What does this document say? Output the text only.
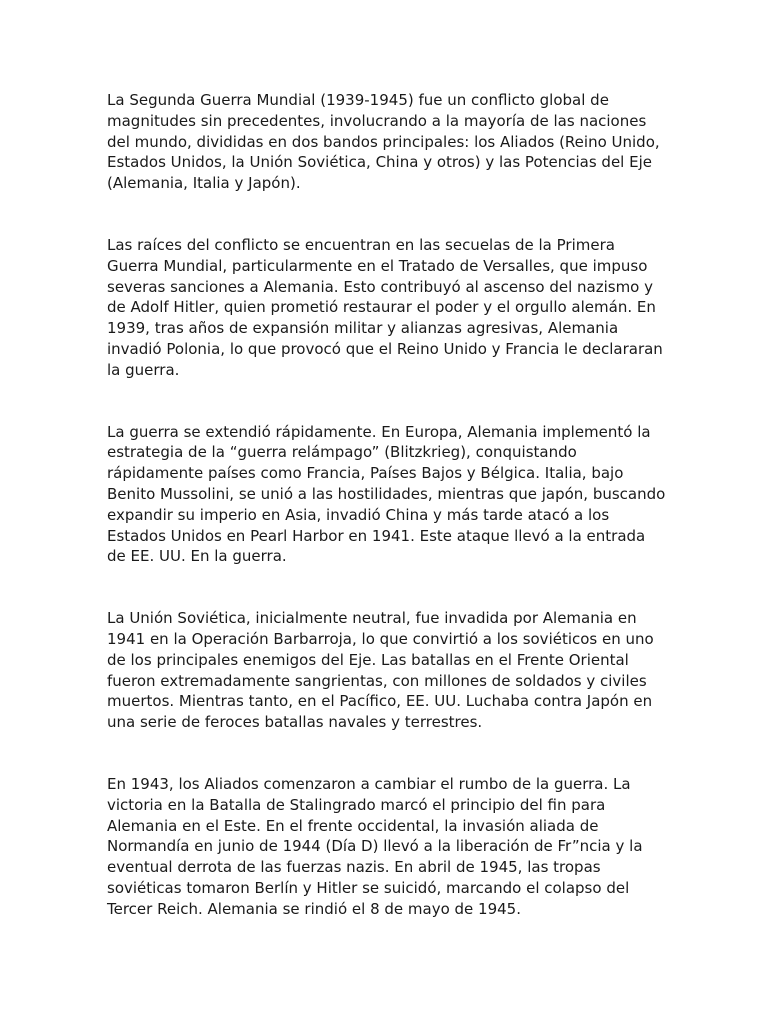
La Segunda Guerra Mundial (1939-1945) fue un conflicto global de magnitudes sin precedentes, involucrando a la mayoría de las naciones del mundo, divididas en dos bandos principales: los Aliados (Reino Unido, Estados Unidos, la Unión Soviética, China y otros) y las Potencias del Eje (Alemania, Italia y Japón).

Las raíces del conflicto se encuentran en las secuelas de la Primera Guerra Mundial, particularmente en el Tratado de Versalles, que impuso severas sanciones a Alemania. Esto contribuyó al ascenso del nazismo y de Adolf Hitler, quien prometió restaurar el poder y el orgullo alemán. En 1939, tras años de expansión militar y alianzas agresivas, Alemania invadió Polonia, lo que provocó que el Reino Unido y Francia le declararan la guerra.

La guerra se extendió rápidamente. En Europa, Alemania implementó la estrategia de la “guerra relámpago” (Blitzkrieg), conquistando rápidamente países como Francia, Países Bajos y Bélgica. Italia, bajo Benito Mussolini, se unió a las hostilidades, mientras que japón, buscando expandir su imperio en Asia, invadió China y más tarde atacó a los Estados Unidos en Pearl Harbor en 1941. Este ataque llevó a la entrada de EE. UU. En la guerra.

La Unión Soviética, inicialmente neutral, fue invadida por Alemania en 1941 en la Operación Barbarroja, lo que convirtió a los soviéticos en uno de los principales enemigos del Eje. Las batallas en el Frente Oriental fueron extremadamente sangrientas, con millones de soldados y civiles muertos. Mientras tanto, en el Pacífico, EE. UU. Luchaba contra Japón en una serie de feroces batallas navales y terrestres.

En 1943, los Aliados comenzaron a cambiar el rumbo de la guerra. La victoria en la Batalla de Stalingrado marcó el principio del fin para Alemania en el Este. En el frente occidental, la invasión aliada de Normandía en junio de 1944 (Día D) llevó a la liberación de Fr”ncia y la eventual derrota de las fuerzas nazis. En abril de 1945, las tropas soviéticas tomaron Berlín y Hitler se suicidó, marcando el colapso del Tercer Reich. Alemania se rindió el 8 de mayo de 1945.
